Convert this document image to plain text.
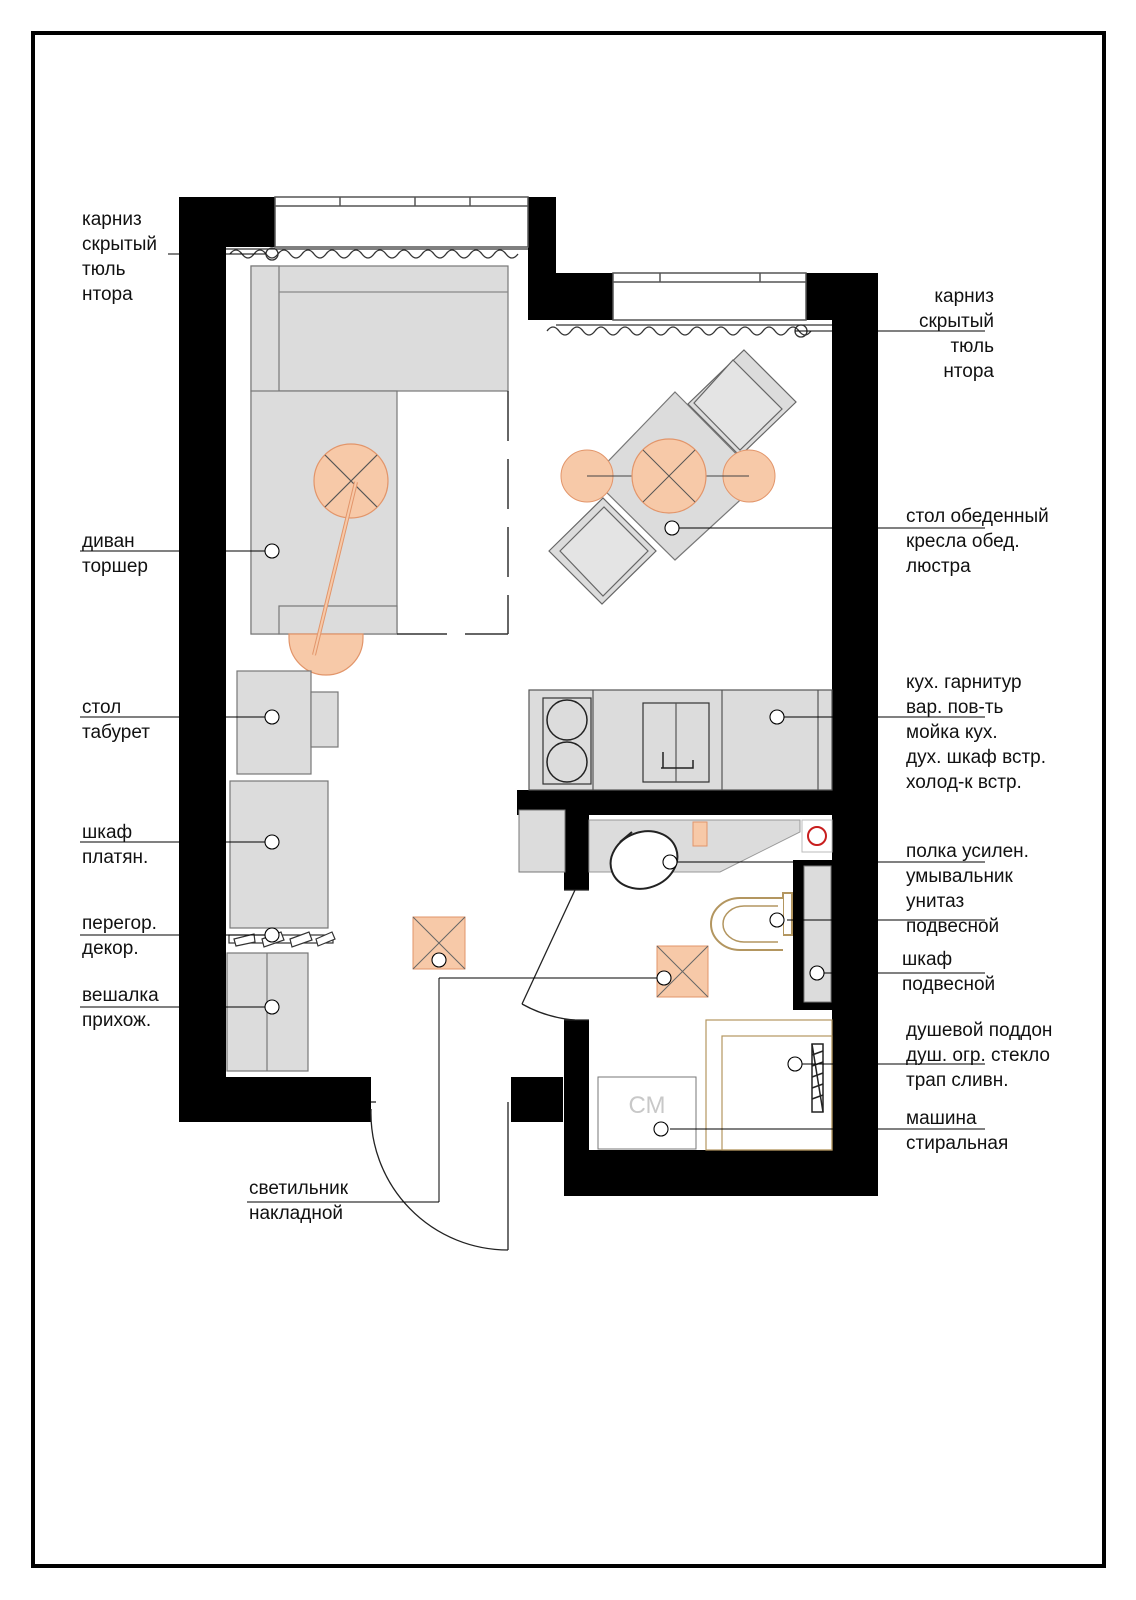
СМ
карниз
скрытый
тюль
нтора	карниз
скрытый
тюль
нтора
стол обеденный
кресла обед.
люстра
диван
торшер
стол
табурет
кух. гарнитур
вар. пов-ть
мойка кух.
дух. шкаф встр.
холод-к встр.
шкаф
платян.	полка усилен.
умывальник
унитаз
подвесной
перегор.
декор.
шкаф
подвесной
вешалка
прихож.	душевой поддон
душ. огр. стекло
трап сливн.
машина
стиральная
светильник
накладной
